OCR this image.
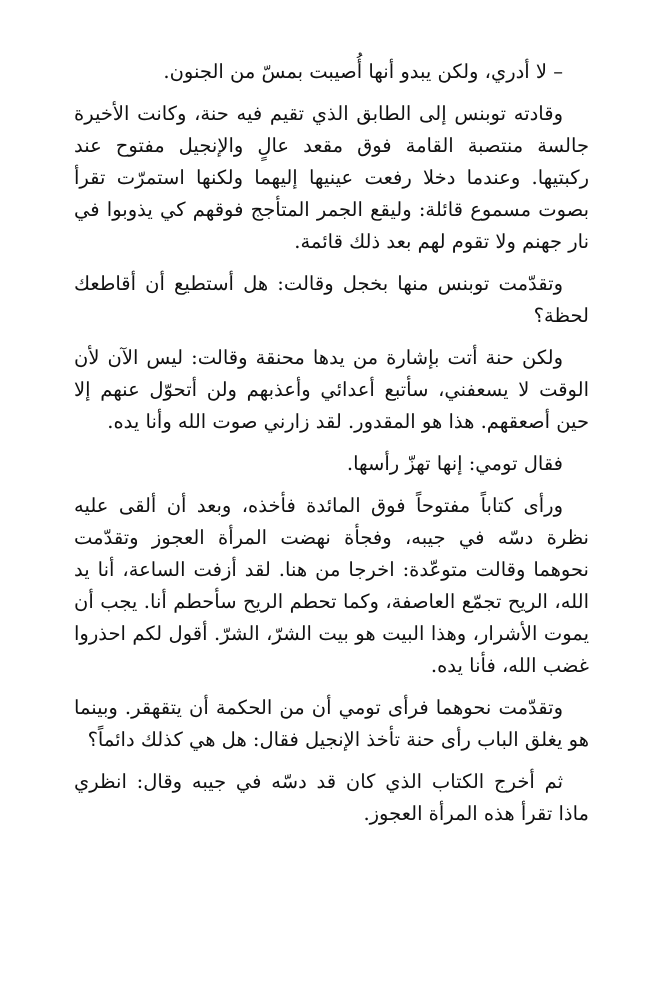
– لا أدري، ولكن يبدو أنها أُصيبت بمسّ من الجنون.

وقادته توبنس إلى الطابق الذي تقيم فيه حنة، وكانت الأخيرة جالسة منتصبة القامة فوق مقعد عالٍ والإنجيل مفتوح عند ركبتيها. وعندما دخلا رفعت عينيها إليهما ولكنها استمرّت تقرأ بصوت مسموع قائلة: وليقع الجمر المتأجج فوقهم كي يذوبوا في نار جهنم ولا تقوم لهم بعد ذلك قائمة.

وتقدّمت توبنس منها بخجل وقالت: هل أستطيع أن أقاطعك لحظة؟

ولكن حنة أتت بإشارة من يدها محنقة وقالت: ليس الآن لأن الوقت لا يسعفني، سأتبع أعدائي وأعذبهم ولن أتحوّل عنهم إلا حين أصعقهم. هذا هو المقدور. لقد زارني صوت الله وأنا يده.

فقال تومي: إنها تهزّ رأسها.

ورأى كتاباً مفتوحاً فوق المائدة فأخذه، وبعد أن ألقى عليه نظرة دسّه في جيبه، وفجأة نهضت المرأة العجوز وتقدّمت نحوهما وقالت متوعّدة: اخرجا من هنا. لقد أزفت الساعة، أنا يد الله، الريح تجمّع العاصفة، وكما تحطم الريح سأحطم أنا. يجب أن يموت الأشرار، وهذا البيت هو بيت الشرّ، الشرّ. أقول لكم احذروا غضب الله، فأنا يده.

وتقدّمت نحوهما فرأى تومي أن من الحكمة أن يتقهقر. وبينما هو يغلق الباب رأى حنة تأخذ الإنجيل فقال: هل هي كذلك دائماً؟

ثم أخرج الكتاب الذي كان قد دسّه في جيبه وقال: انظري ماذا تقرأ هذه المرأة العجوز.
